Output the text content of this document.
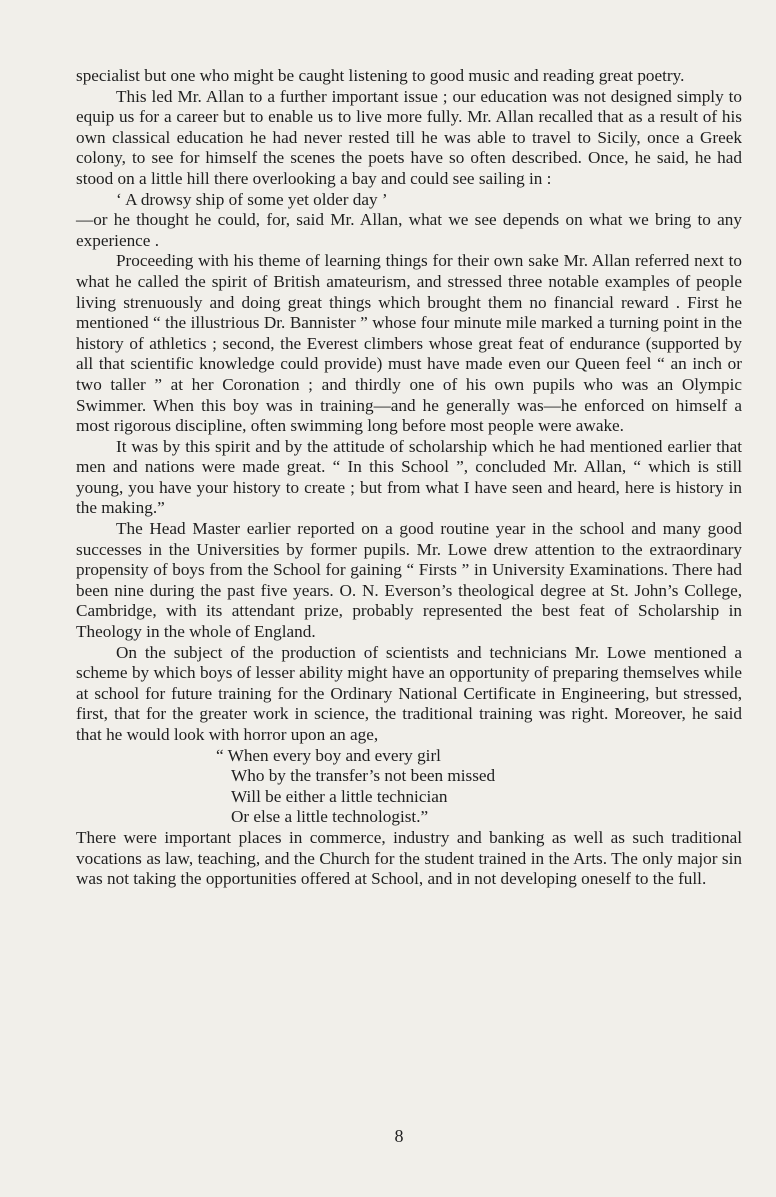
specialist but one who might be caught listening to good music and reading great poetry.

This led Mr. Allan to a further important issue ; our education was not designed simply to equip us for a career but to enable us to live more fully. Mr. Allan recalled that as a result of his own classical education he had never rested till he was able to travel to Sicily, once a Greek colony, to see for himself the scenes the poets have so often described. Once, he said, he had stood on a little hill there overlooking a bay and could see sailing in :

‘ A drowsy ship of some yet older day ’

—or he thought he could, for, said Mr. Allan, what we see depends on what we bring to any experience .

Proceeding with his theme of learning things for their own sake Mr. Allan referred next to what he called the spirit of British amateurism, and stressed three notable examples of people living strenuously and doing great things which brought them no financial reward . First he mentioned “ the illustrious Dr. Bannister ” whose four minute mile marked a turning point in the history of athletics ; second, the Everest climbers whose great feat of endurance (supported by all that scientific knowledge could provide) must have made even our Queen feel “ an inch or two taller ” at her Coronation ; and thirdly one of his own pupils who was an Olympic Swimmer. When this boy was in training—and he generally was—he enforced on himself a most rigorous discipline, often swimming long before most people were awake.

It was by this spirit and by the attitude of scholarship which he had mentioned earlier that men and nations were made great. “ In this School ”, concluded Mr. Allan, “ which is still young, you have your history to create ; but from what I have seen and heard, here is history in the making.”

The Head Master earlier reported on a good routine year in the school and many good successes in the Universities by former pupils. Mr. Lowe drew attention to the extraordinary propensity of boys from the School for gaining “ Firsts ” in University Examinations. There had been nine during the past five years. O. N. Everson’s theological degree at St. John’s College, Cambridge, with its attendant prize, probably represented the best feat of Scholarship in Theology in the whole of England.

On the subject of the production of scientists and technicians Mr. Lowe mentioned a scheme by which boys of lesser ability might have an opportunity of preparing themselves while at school for future training for the Ordinary National Certificate in Engineering, but stressed, first, that for the greater work in science, the traditional training was right. Moreover, he said that he would look with horror upon an age,

“ When every boy and every girl
Who by the transfer’s not been missed
Will be either a little technician
Or else a little technologist.”

There were important places in commerce, industry and banking as well as such traditional vocations as law, teaching, and the Church for the student trained in the Arts. The only major sin was not taking the opportunities offered at School, and in not developing oneself to the full.

8
